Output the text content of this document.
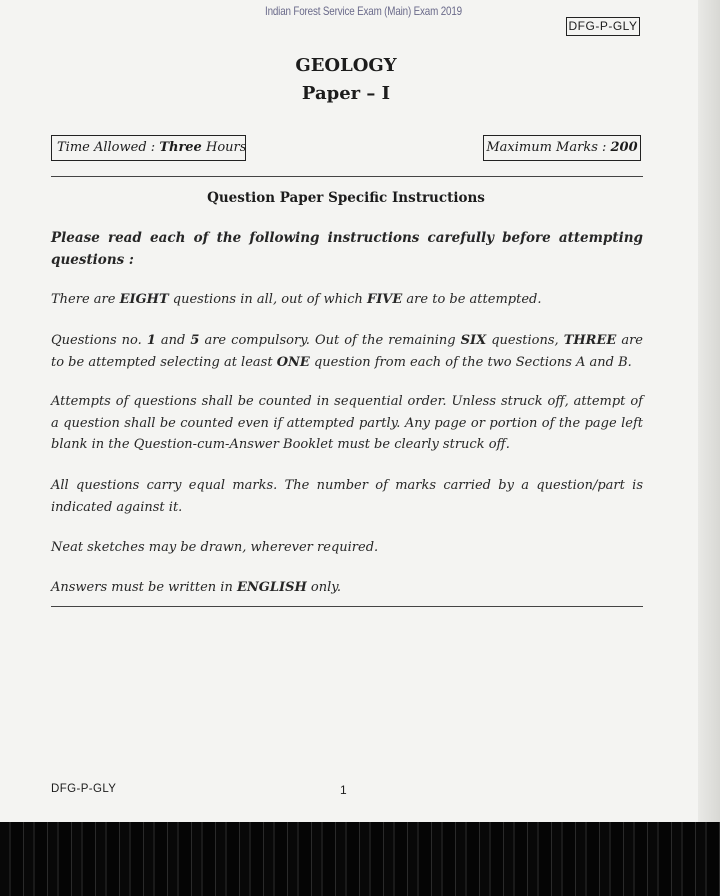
Indian Forest Service Exam (Main) Exam 2019
DFG-P-GLY
GEOLOGY
Paper – I
Time Allowed : Three Hours	Maximum Marks : 200
Question Paper Specific Instructions
Please read each of the following instructions carefully before attempting
questions :
There are EIGHT questions in all, out of which FIVE are to be attempted.
Questions no. 1 and 5 are compulsory. Out of the remaining SIX questions, THREE are to be attempted selecting at least ONE question from each of the two Sections A and B.
Attempts of questions shall be counted in sequential order. Unless struck off, attempt of a question shall be counted even if attempted partly. Any page or portion of the page left blank in the Question-cum-Answer Booklet must be clearly struck off.
All questions carry equal marks. The number of marks carried by a question/part is indicated against it.
Neat sketches may be drawn, wherever required.
Answers must be written in ENGLISH only.
DFG-P-GLY	1
